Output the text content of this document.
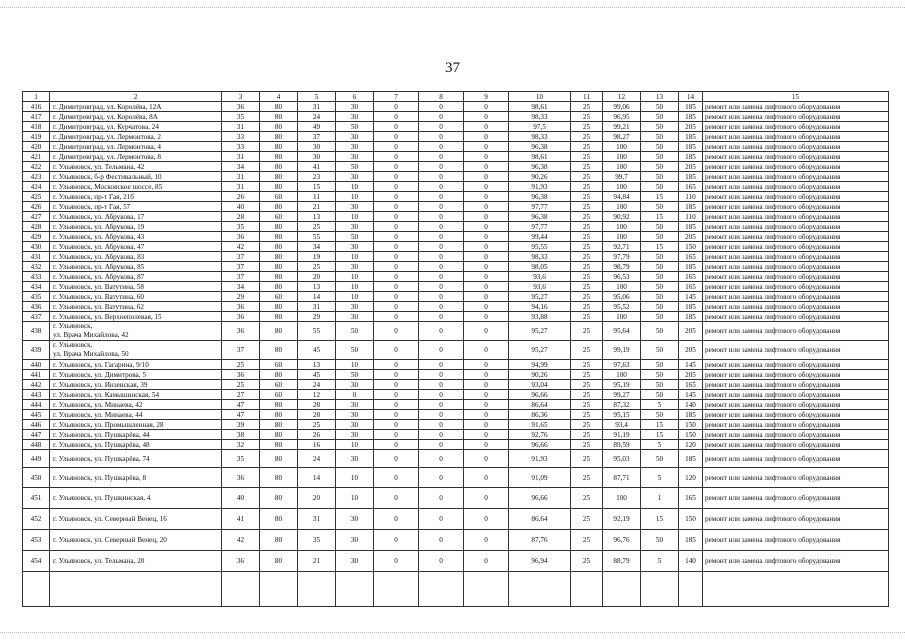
37
1	2	3	4	5	6	7	8	9	10	11	12	13	14	15
416	г. Димитровград, ул. Королёва, 12А	36	80	31	30	0	0	0	98,61	25	99,06	50	185	ремонт или замена лифтового оборудования
417	г. Димитровград, ул. Королёва, 8А	35	80	24	30	0	0	0	98,33	25	96,95	50	185	ремонт или замена лифтового оборудования
418	г. Димитровград, ул. Курчатова, 24	31	80	49	50	0	0	0	97,5	25	99,21	50	205	ремонт или замена лифтового оборудования
419	г. Димитровград, ул. Лермонтова, 2	33	80	37	30	0	0	0	98,33	25	98,27	50	185	ремонт или замена лифтового оборудования
420	г. Димитровград, ул. Лермонтова, 4	33	80	30	30	0	0	0	96,38	25	100	50	185	ремонт или замена лифтового оборудования
421	г. Димитровград, ул. Лермонтова, 8	31	80	30	30	0	0	0	98,61	25	100	50	185	ремонт или замена лифтового оборудования
422	г. Ульяновск, ул. Тельмана, 42	34	80	41	50	0	0	0	96,38	25	100	50	205	ремонт или замена лифтового оборудования
423	г. Ульяновск, б-р Фестивальный, 10	31	80	23	30	0	0	0	90,26	25	99,7	50	185	ремонт или замена лифтового оборудования
424	г. Ульяновск, Московское шоссе, 85	31	80	15	10	0	0	0	91,93	25	100	50	165	ремонт или замена лифтового оборудования
425	г. Ульяновск, пр-т Гая, 21б	26	60	11	10	0	0	0	96,38	25	94,84	15	110	ремонт или замена лифтового оборудования
426	г. Ульяновск, пр-т Гая, 57	40	80	21	30	0	0	0	97,77	25	100	50	185	ремонт или замена лифтового оборудования
427	г. Ульяновск, ул. Абрукова, 17	28	60	13	10	0	0	0	96,38	25	90,92	15	110	ремонт или замена лифтового оборудования
428	г. Ульяновск, ул. Абрукова, 19	35	80	25	30	0	0	0	97,77	25	100	50	185	ремонт или замена лифтового оборудования
429	г. Ульяновск, ул. Абрукова, 43	36	80	55	50	0	0	0	99,44	25	100	50	205	ремонт или замена лифтового оборудования
430	г. Ульяновск, ул. Абрукова, 47	42	80	34	30	0	0	0	95,55	25	92,71	15	150	ремонт или замена лифтового оборудования
431	г. Ульяновск, ул. Абрукова, 83	37	80	19	10	0	0	0	98,33	25	97,79	50	165	ремонт или замена лифтового оборудования
432	г. Ульяновск, ул. Абрукова, 85	37	80	25	30	0	0	0	98,05	25	98,79	50	185	ремонт или замена лифтового оборудования
433	г. Ульяновск, ул. Абрукова, 87	37	80	20	10	0	0	0	93,6	25	96,53	50	165	ремонт или замена лифтового оборудования
434	г. Ульяновск, ул. Ватутина, 58	34	80	13	10	0	0	0	93,6	25	100	50	165	ремонт или замена лифтового оборудования
435	г. Ульяновск, ул. Ватутина, 60	29	60	14	10	0	0	0	95,27	25	95,06	50	145	ремонт или замена лифтового оборудования
436	г. Ульяновск, ул. Ватутина, 62	36	80	31	30	0	0	0	94,16	25	95,52	50	185	ремонт или замена лифтового оборудования
437	г. Ульяновск, ул. Верхнеполевая, 15	36	80	29	30	0	0	0	93,88	25	100	50	185	ремонт или замена лифтового оборудования
438	г. Ульяновск,
ул. Врача Михайлова, 42	36	80	55	50	0	0	0	95,27	25	95,64	50	205	ремонт или замена лифтового оборудования
439	г. Ульяновск,
ул. Врача Михайлова, 50	37	80	45	50	0	0	0	95,27	25	99,19	50	205	ремонт или замена лифтового оборудования
440	г. Ульяновск, ул. Гагарина, 9/10	25	60	13	10	0	0	0	94,99	25	97,63	50	145	ремонт или замена лифтового оборудования
441	г. Ульяновск, ул. Димитрова, 5	36	80	45	50	0	0	0	90,26	25	100	50	205	ремонт или замена лифтового оборудования
442	г. Ульяновск, ул. Инзенская, 39	25	60	24	30	0	0	0	93,04	25	95,19	50	165	ремонт или замена лифтового оборудования
443	г. Ульяновск, ул. Камышинская, 54	27	60	12	0	0	0	0	96,66	25	99,27	50	145	ремонт или замена лифтового оборудования
444	г. Ульяновск, ул. Минаева, 42	47	80	28	30	0	0	0	86,64	25	87,32	5	140	ремонт или замена лифтового оборудования
445	г. Ульяновск, ул. Минаева, 44	47	80	28	30	0	0	0	86,36	25	95,15	50	185	ремонт или замена лифтового оборудования
446	г. Ульяновск, ул. Промышленная, 28	39	80	25	30	0	0	0	91,65	25	93,4	15	150	ремонт или замена лифтового оборудования
447	г. Ульяновск, ул. Пушкарёва, 44	38	80	26	30	0	0	0	92,76	25	91,19	15	150	ремонт или замена лифтового оборудования
448	г. Ульяновск, ул. Пушкарёва, 48	32	80	16	10	0	0	0	96,66	25	89,59	5	120	ремонт или замена лифтового оборудования
449	г. Ульяновск, ул. Пушкарёва, 74	35	80	24	30	0	0	0	91,93	25	95,03	50	185	ремонт или замена лифтового оборудования
450	г. Ульяновск, ул. Пушкарёва, 8	36	80	14	10	0	0	0	91,09	25	87,71	5	120	ремонт или замена лифтового оборудования
451	г. Ульяновск, ул. Пушкинская, 4	40	80	20	10	0	0	0	96,66	25	100	1	165	ремонт или замена лифтового оборудования
452	г. Ульяновск, ул. Северный Венец, 16	41	80	31	30	0	0	0	86,64	25	92,19	15	150	ремонт или замена лифтового оборудования
453	г. Ульяновск, ул. Северный Венец, 20	42	80	35	30	0	0	0	87,76	25	96,76	50	185	ремонт или замена лифтового оборудования
454	г. Ульяновск, ул. Тельмана, 20	36	80	21	30	0	0	0	96,94	25	88,79	5	140	ремонт или замена лифтового оборудования
